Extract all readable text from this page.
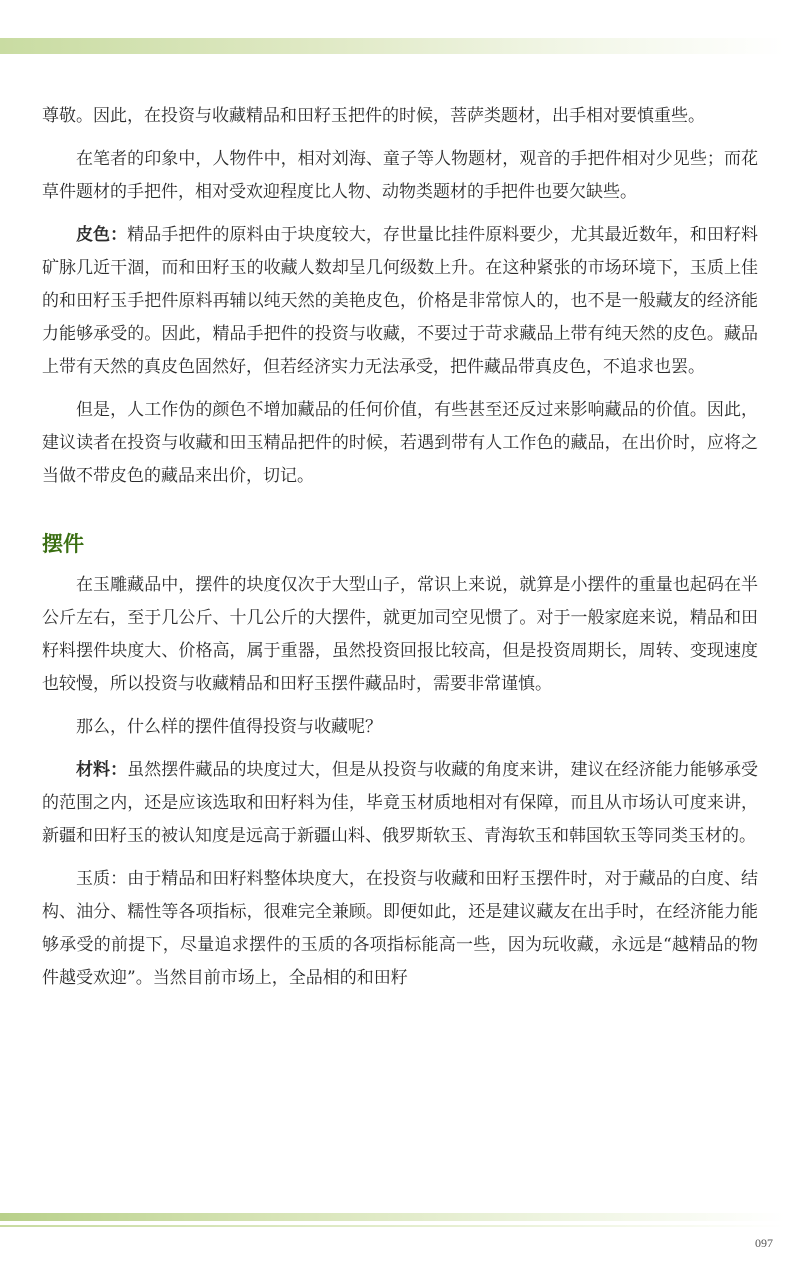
尊敬。因此，在投资与收藏精品和田籽玉把件的时候，菩萨类题材，出手相对要慎重些。

在笔者的印象中，人物件中，相对刘海、童子等人物题材，观音的手把件相对少见些；而花草件题材的手把件，相对受欢迎程度比人物、动物类题材的手把件也要欠缺些。

皮色：精品手把件的原料由于块度较大，存世量比挂件原料要少，尤其最近数年，和田籽料矿脉几近干涸，而和田籽玉的收藏人数却呈几何级数上升。在这种紧张的市场环境下，玉质上佳的和田籽玉手把件原料再辅以纯天然的美艳皮色，价格是非常惊人的，也不是一般藏友的经济能力能够承受的。因此，精品手把件的投资与收藏，不要过于苛求藏品上带有纯天然的皮色。藏品上带有天然的真皮色固然好，但若经济实力无法承受，把件藏品带真皮色，不追求也罢。

但是，人工作伪的颜色不增加藏品的任何价值，有些甚至还反过来影响藏品的价值。因此，建议读者在投资与收藏和田玉精品把件的时候，若遇到带有人工作色的藏品，在出价时，应将之当做不带皮色的藏品来出价，切记。

摆件

在玉雕藏品中，摆件的块度仅次于大型山子，常识上来说，就算是小摆件的重量也起码在半公斤左右，至于几公斤、十几公斤的大摆件，就更加司空见惯了。对于一般家庭来说，精品和田籽料摆件块度大、价格高，属于重器，虽然投资回报比较高，但是投资周期长，周转、变现速度也较慢，所以投资与收藏精品和田籽玉摆件藏品时，需要非常谨慎。

那么，什么样的摆件值得投资与收藏呢？

材料：虽然摆件藏品的块度过大，但是从投资与收藏的角度来讲，建议在经济能力能够承受的范围之内，还是应该选取和田籽料为佳，毕竟玉材质地相对有保障，而且从市场认可度来讲，新疆和田籽玉的被认知度是远高于新疆山料、俄罗斯软玉、青海软玉和韩国软玉等同类玉材的。

玉质：由于精品和田籽料整体块度大，在投资与收藏和田籽玉摆件时，对于藏品的白度、结构、油分、糯性等各项指标，很难完全兼顾。即便如此，还是建议藏友在出手时，在经济能力能够承受的前提下，尽量追求摆件的玉质的各项指标能高一些，因为玩收藏，永远是“越精品的物件越受欢迎”。当然目前市场上，全品相的和田籽

097
